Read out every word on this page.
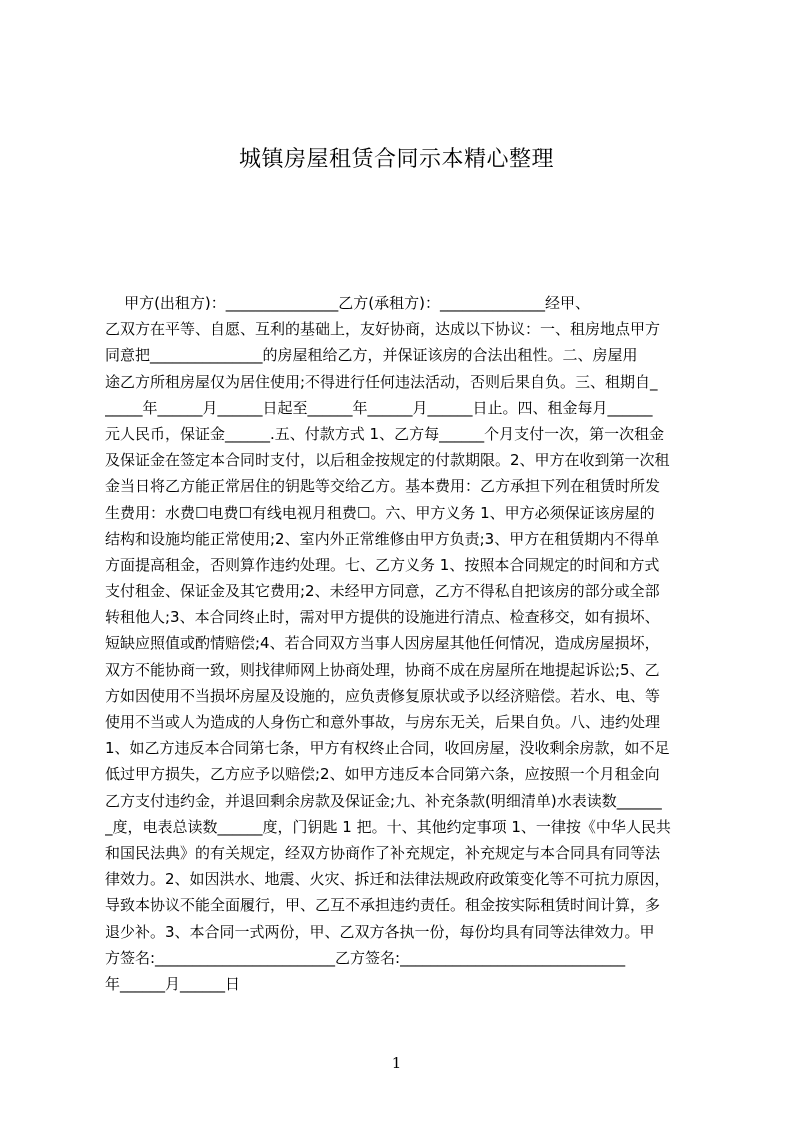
城镇房屋租赁合同示本精心整理
甲方(出租方)：_______________乙方(承租方)：______________经甲、
乙双方在平等、自愿、互利的基础上，友好协商，达成以下协议：一、租房地点甲方
同意把_______________的房屋租给乙方，并保证该房的合法出租性。二、房屋用
途乙方所租房屋仅为居住使用;不得进行任何违法活动，否则后果自负。三、租期自_
_____年______月______日起至______年______月______日止。四、租金每月______
元人民币，保证金______.五、付款方式 1、乙方每______个月支付一次，第一次租金
及保证金在签定本合同时支付，以后租金按规定的付款期限。2、甲方在收到第一次租
金当日将乙方能正常居住的钥匙等交给乙方。基本费用：乙方承担下列在租赁时所发
生费用：水费☐电费☐有线电视月租费☐。六、甲方义务 1、甲方必须保证该房屋的
结构和设施均能正常使用;2、室内外正常维修由甲方负责;3、甲方在租赁期内不得单
方面提高租金，否则算作违约处理。七、乙方义务 1、按照本合同规定的时间和方式
支付租金、保证金及其它费用;2、未经甲方同意，乙方不得私自把该房的部分或全部
转租他人;3、本合同终止时，需对甲方提供的设施进行清点、检查移交，如有损坏、
短缺应照值或酌情赔偿;4、若合同双方当事人因房屋其他任何情况，造成房屋损坏，
双方不能协商一致，则找律师网上协商处理，协商不成在房屋所在地提起诉讼;5、乙
方如因使用不当损坏房屋及设施的，应负责修复原状或予以经济赔偿。若水、电、等
使用不当或人为造成的人身伤亡和意外事故，与房东无关，后果自负。八、违约处理
1、如乙方违反本合同第七条，甲方有权终止合同，收回房屋，没收剩余房款，如不足
低过甲方损失，乙方应予以赔偿;2、如甲方违反本合同第六条，应按照一个月租金向
乙方支付违约金，并退回剩余房款及保证金;九、补充条款(明细清单)水表读数______
_度，电表总读数______度，门钥匙 1 把。十、其他约定事项 1、一律按《中华人民共
和国民法典》的有关规定，经双方协商作了补充规定，补充规定与本合同具有同等法
律效力。2、如因洪水、地震、火灾、拆迁和法律法规政府政策变化等不可抗力原因，
导致本协议不能全面履行，甲、乙互不承担违约责任。租金按实际租赁时间计算，多
退少补。3、本合同一式两份，甲、乙双方各执一份，每份均具有同等法律效力。甲
方签名:________________________乙方签名:______________________________
年______月______日
1
